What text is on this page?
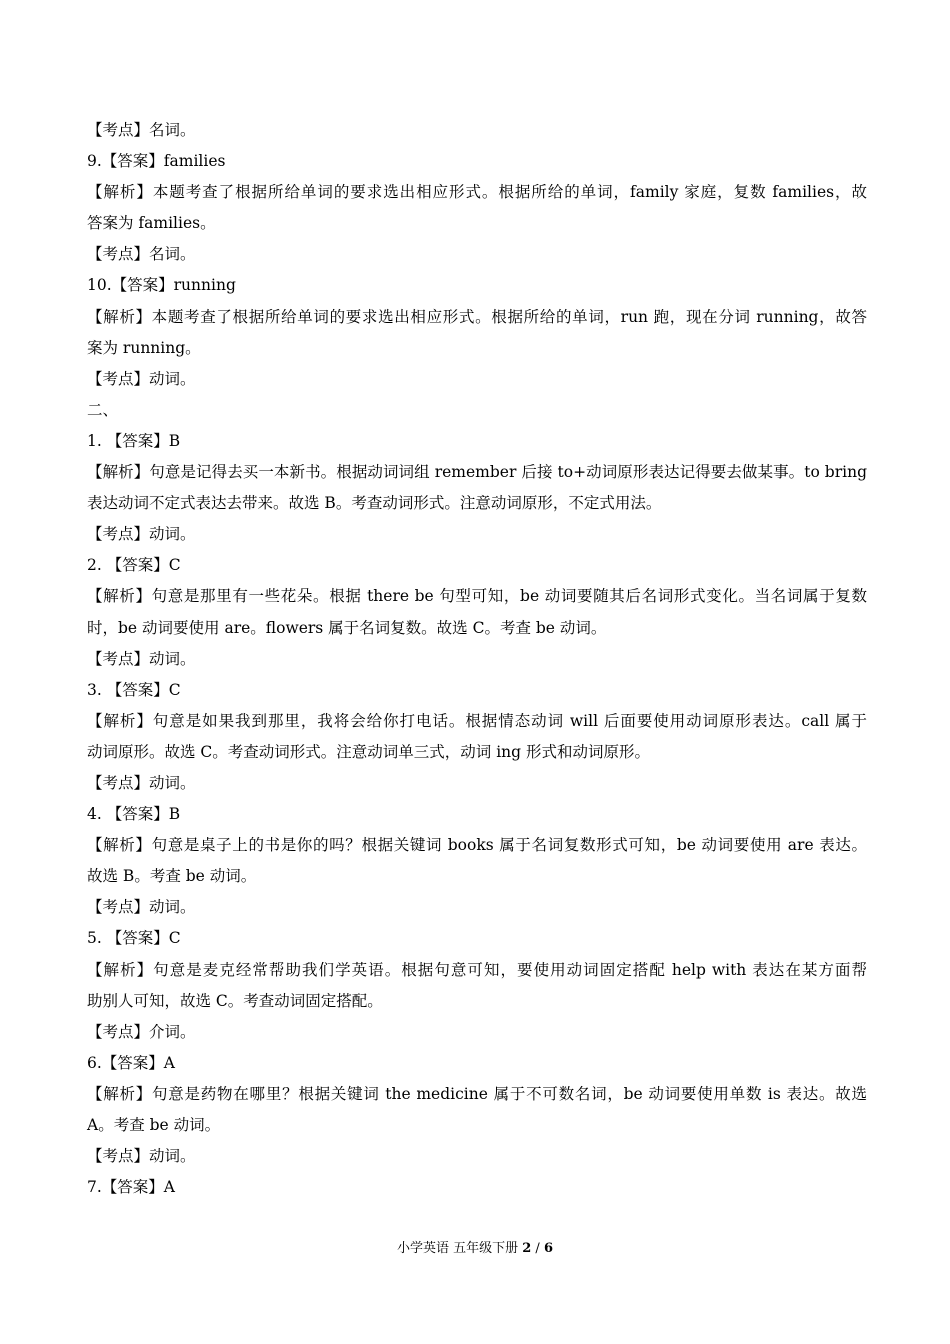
【考点】名词。
9.【答案】families
【解析】本题考查了根据所给单词的要求选出相应形式。根据所给的单词，family 家庭，复数 families，故
答案为 families。
【考点】名词。
10.【答案】running
【解析】本题考查了根据所给单词的要求选出相应形式。根据所给的单词，run 跑，现在分词 running，故答
案为 running。
【考点】动词。
二、
1. 【答案】B
【解析】句意是记得去买一本新书。根据动词词组 remember 后接 to+动词原形表达记得要去做某事。to bring
表达动词不定式表达去带来。故选 B。考查动词形式。注意动词原形，不定式用法。
【考点】动词。
2. 【答案】C
【解析】句意是那里有一些花朵。根据 there be 句型可知，be 动词要随其后名词形式变化。当名词属于复数
时，be 动词要使用 are。flowers 属于名词复数。故选 C。考查 be 动词。
【考点】动词。
3. 【答案】C
【解析】句意是如果我到那里，我将会给你打电话。根据情态动词 will 后面要使用动词原形表达。call 属于
动词原形。故选 C。考查动词形式。注意动词单三式，动词 ing 形式和动词原形。
【考点】动词。
4. 【答案】B
【解析】句意是桌子上的书是你的吗？根据关键词 books 属于名词复数形式可知，be 动词要使用 are 表达。
故选 B。考查 be 动词。
【考点】动词。
5. 【答案】C
【解析】句意是麦克经常帮助我们学英语。根据句意可知，要使用动词固定搭配 help with 表达在某方面帮
助别人可知，故选 C。考查动词固定搭配。
【考点】介词。
6.【答案】A
【解析】句意是药物在哪里？根据关键词 the medicine 属于不可数名词，be 动词要使用单数 is 表达。故选
A。考查 be 动词。
【考点】动词。
7.【答案】A
小学英语 五年级下册 2 / 6
